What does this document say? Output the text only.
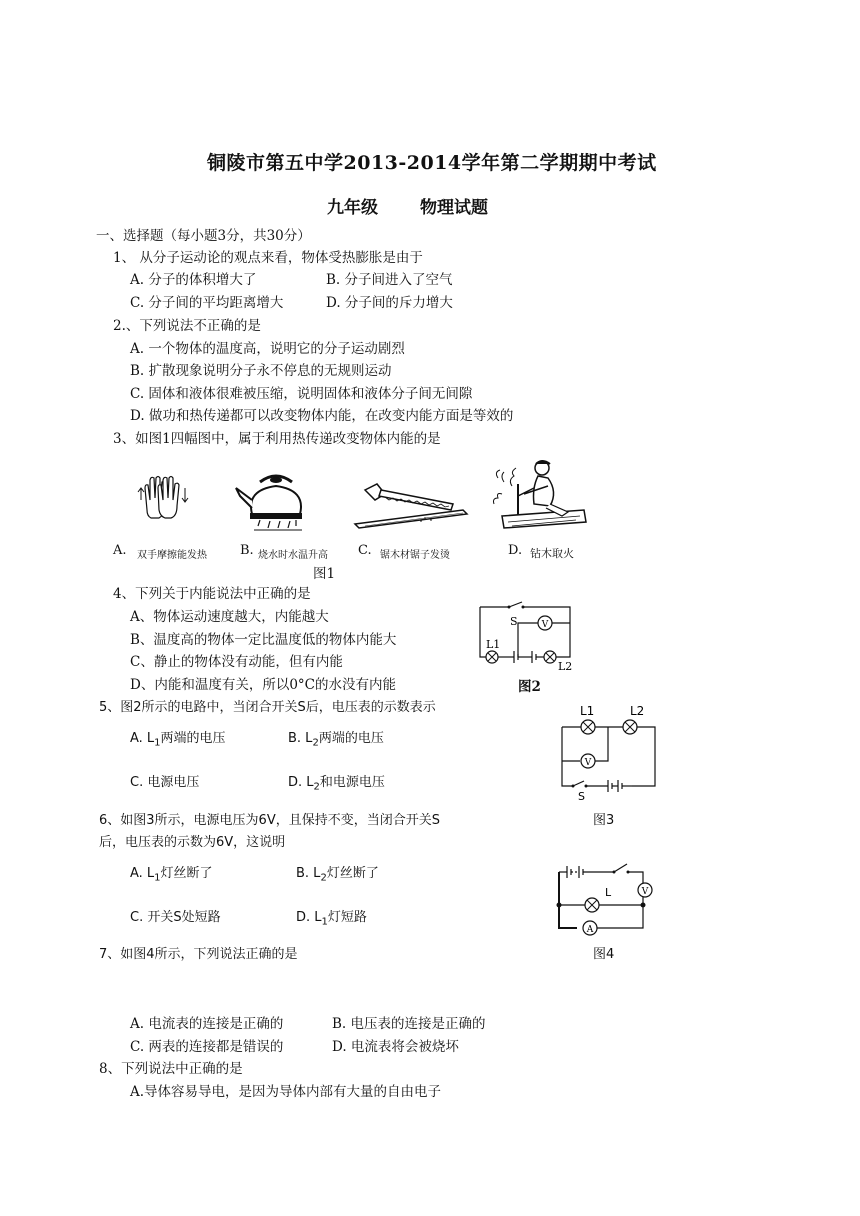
铜陵市第五中学2013-2014学年第二学期期中考试
九年级 物理试题
一、选择题（每小题3分，共30分）
1、 从分子运动论的观点来看，物体受热膨胀是由于
A. 分子的体积增大了	B. 分子间进入了空气
C. 分子间的平均距离增大	D. 分子间的斥力增大
2.、下列说法不正确的是
A. 一个物体的温度高，说明它的分子运动剧烈
B. 扩散现象说明分子永不停息的无规则运动
C. 固体和液体很难被压缩，说明固体和液体分子间无间隙
D. 做功和热传递都可以改变物体内能，在改变内能方面是等效的
3、如图1四幅图中，属于利用热传递改变物体内能的是
A. 双手摩擦能发热	B. 烧水时水温升高 C. 锯木材锯子发烫	D. 钻木取火
图1
4、下列关于内能说法中正确的是
A、物体运动速度越大，内能越大
B、温度高的物体一定比温度低的物体内能大
C、静止的物体没有动能，但有内能
D、内能和温度有关，所以0°C的水没有内能
V
S
L1
L2
图2
5、图2所示的电路中，当闭合开关S后，电压表的示数表示
A. $L_1$两端的电压	B. $L_2$两端的电压
C. 电源电压	D. $L_2$和电源电压
L1	L2
V
S
6、如图3所示，电源电压为6V，且保持不变，当闭合开关S	图3
后，电压表的示数为6V，这说明
A. $L_1$灯丝断了	B. $L_2$灯丝断了
C. 开关S处短路	D. $L_1$灯短路
L	V
A
7、如图4所示，下列说法正确的是	图4
A. 电流表的连接是正确的	B. 电压表的连接是正确的
C. 两表的连接都是错误的	D. 电流表将会被烧坏
8、下列说法中正确的是
A.导体容易导电，是因为导体内部有大量的自由电子
